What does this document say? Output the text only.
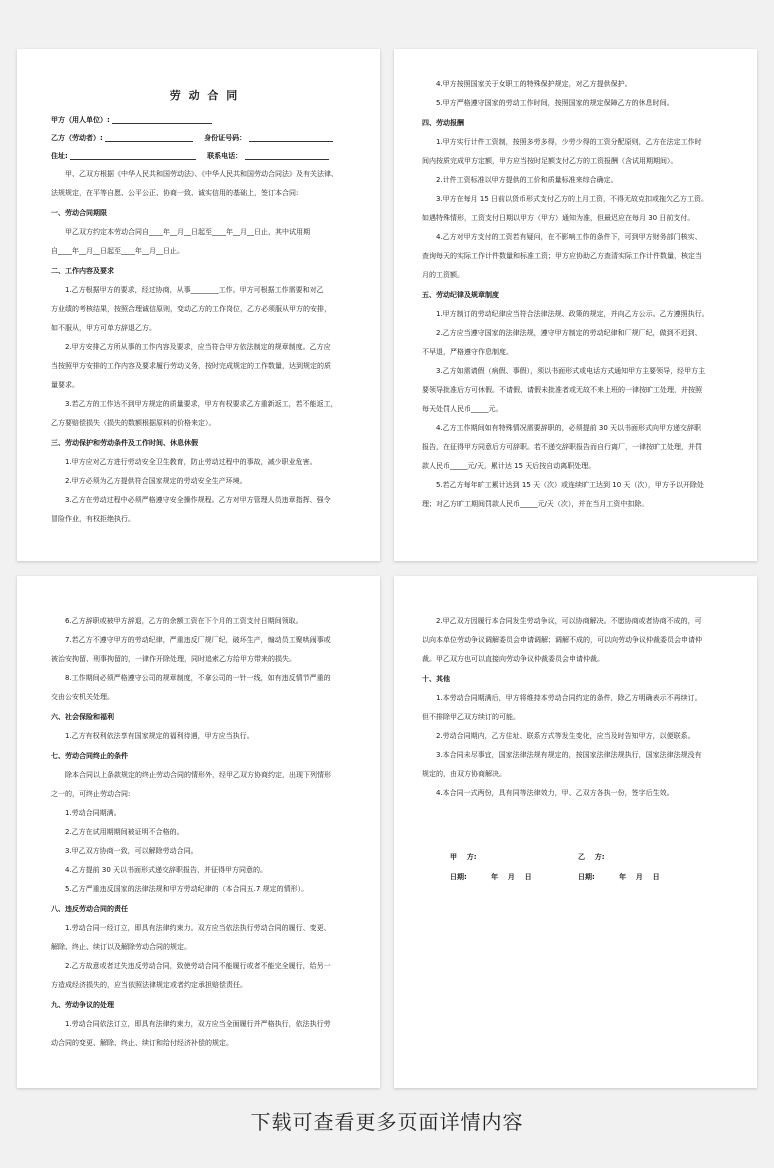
劳 动 合 同
甲方（用人单位）:
乙方（劳动者）:	身份证号码：
住址:	联系电话：
甲、乙双方根据《中华人民共和国劳动法》、《中华人民共和国劳动合同法》及有关法律、
法规规定，在平等自愿、公平公正、协商一致、诚实信用的基础上，签订本合同:
一、劳动合同期限
甲乙双方约定本劳动合同自____年__月__日起至____年__月__日止，其中试用期
自____年__月__日起至____年__月__日止。
二、工作内容及要求
1.乙方根据甲方的要求，经过协商，从事________工作。甲方可根据工作需要和对乙
方业绩的考核结果，按照合理诚信原则，变动乙方的工作岗位，乙方必须服从甲方的安排，
如不服从，甲方可单方辞退乙方。
2.甲方安排乙方所从事的工作内容及要求，应当符合甲方依法制定的规章制度。乙方应
当按照甲方安排的工作内容及要求履行劳动义务，按时完成规定的工作数量，达到规定的质
量要求。
3.若乙方的工作达不到甲方规定的质量要求，甲方有权要求乙方重新返工，若不能返工，
乙方要赔偿损失（损失的数额根据原料的价格来定）。
三、劳动保护和劳动条件及工作时间、休息休假
1.甲方应对乙方进行劳动安全卫生教育，防止劳动过程中的事故，减少职业危害。
2.甲方必须为乙方提供符合国家规定的劳动安全生产环境。
3.乙方在劳动过程中必须严格遵守安全操作规程。乙方对甲方管理人员违章指挥、强令
冒险作业，有权拒绝执行。
4.甲方按照国家关于女职工的特殊保护规定，对乙方提供保护。
5.甲方严格遵守国家的劳动工作时间，按照国家的规定保障乙方的休息时间。
四、劳动报酬
1.甲方实行计件工资制，按照多劳多得，少劳少得的工资分配原则，乙方在法定工作时
间内按质完成甲方定额，甲方应当按时足额支付乙方的工资报酬（含试用期期间）。
2.计件工资标准以甲方提供的工价和质量标准来综合确定。
3.甲方在每月 15 日前以货币形式支付乙方的上月工资，不得无故克扣或拖欠乙方工资。
如遇特殊情形，工资支付日期以甲方（甲方）通知为准，但最迟应在每月 30 日前支付。
4.乙方对甲方支付的工资若有疑问，在不影响工作的条件下，可到甲方财务部门核实、
查询每天的实际工作计件数量和标准工资；甲方应协助乙方查清实际工作计件数量，核定当
月的工资额。
五、劳动纪律及规章制度
1.甲方制订的劳动纪律应当符合法律法规、政策的规定，并向乙方公示。乙方遵照执行。
2.乙方应当遵守国家的法律法规，遵守甲方制定的劳动纪律和厂规厂纪，做到不迟到、
不早退，严格遵守作息制度。
3.乙方如需请假（病假、事假），须以书面形式或电话方式通知甲方主要领导，经甲方主
要领导批准后方可休假。不请假、请假未批准者或无故不来上班的一律按旷工处理，并按照
每天处罚人民币_____元。
4.乙方工作期间如有特殊情况需要辞职的，必须提前 30 天以书面形式向甲方递交辞职
报告，在征得甲方同意后方可辞职。若不递交辞职报告而自行离厂，一律按旷工处理，并罚
款人民币_____元/天，累计达 15 天后按自动离职处理。
5.若乙方每年旷工累计达到 15 天（次）或连续旷工达到 10 天（次），甲方予以开除处
理；对乙方旷工期间罚款人民币_____元/天（次），并在当月工资中扣除。
6.乙方辞职或被甲方辞退，乙方的余额工资在下个月的工资支付日期间领取。
7.若乙方不遵守甲方的劳动纪律，严重违反厂规厂纪，破坏生产，煽动员工聚哄闹事或
被治安拘留、刑事拘留的，一律作开除处理，同时追索乙方给甲方带来的损失。
8.工作期间必须严格遵守公司的规章制度，不拿公司的一针一线，如有违反情节严重的
交由公安机关处理。
六、社会保险和福利
1.乙方有权利依法享有国家规定的福利待遇，甲方应当执行。
七、劳动合同终止的条件
除本合同以上条款规定的终止劳动合同的情形外，经甲乙双方协商约定，出现下列情形
之一的，可终止劳动合同:
1.劳动合同期满。
2.乙方在试用期期间被证明不合格的。
3.甲乙双方协商一致，可以解除劳动合同。
4.乙方提前 30 天以书面形式递交辞职报告，并征得甲方同意的。
5.乙方严重违反国家的法律法规和甲方劳动纪律的（本合同五.7 规定的情形）。
八、违反劳动合同的责任
1.劳动合同一经订立，即具有法律约束力。双方应当依法执行劳动合同的履行、变更、
解除、终止、续订以及解除劳动合同的规定。
2.乙方故意或者过失违反劳动合同，致使劳动合同不能履行或者不能完全履行，给另一
方造成经济损失的，应当依照法律规定或者约定承担赔偿责任。
九、劳动争议的处理
1.劳动合同依法订立，即具有法律约束力，双方应当全面履行并严格执行，依法执行劳
动合同的变更、解除、终止、续订和给付经济补偿的规定。
2.甲乙双方因履行本合同发生劳动争议，可以协商解决。不愿协商或者协商不成的，可
以向本单位劳动争议调解委员会申请调解；调解不成的，可以向劳动争议仲裁委员会申请仲
裁。甲乙双方也可以直接向劳动争议仲裁委员会申请仲裁。
十、其他
1.本劳动合同期满后，甲方将维持本劳动合同约定的条件，除乙方明确表示不再续订。
但不排除甲乙双方续订的可能。
2.劳动合同期内，乙方住址、联系方式等发生变化，应当及时告知甲方，以便联系。
3.本合同未尽事宜，国家法律法规有规定的，按国家法律法规执行，国家法律法规没有
规定的，由双方协商解决。
4.本合同一式两份，具有同等法律效力，甲、乙双方各执一份，签字后生效。
甲    方:	乙    方:
日期:          年    月    日	日期:          年    月    日
下载可查看更多页面详情内容
